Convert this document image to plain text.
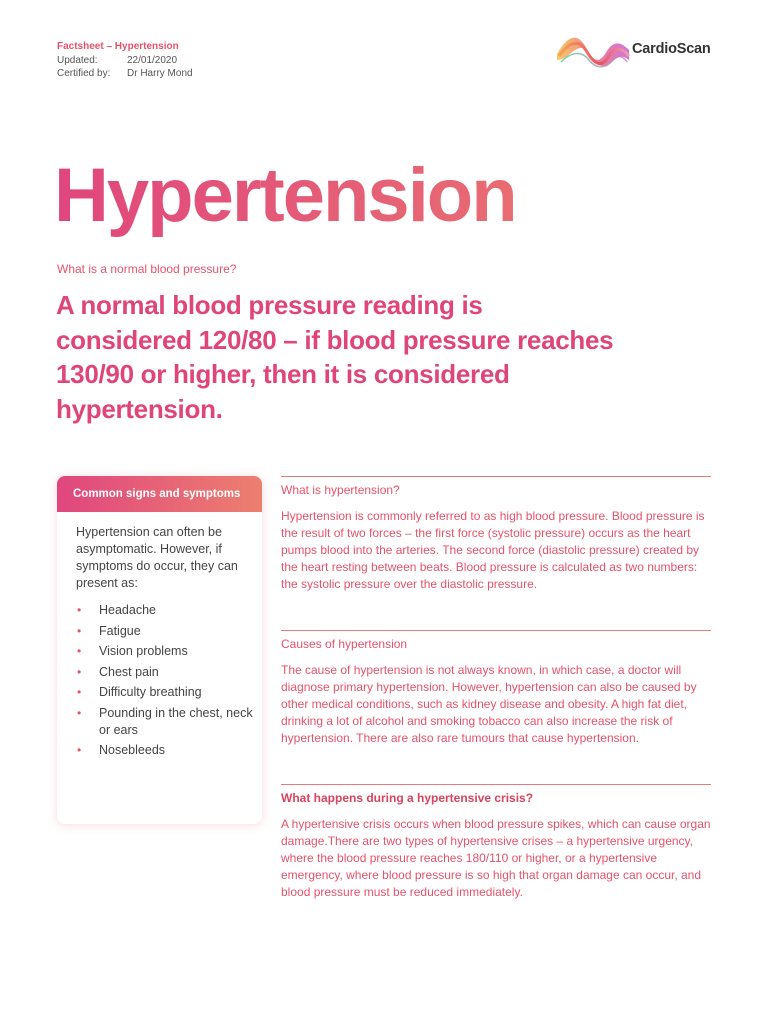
Factsheet – Hypertension
Updated:	22/01/2020
Certified by: Dr Harry Mond
CardioScan
Hypertension
What is a normal blood pressure?

A normal blood pressure reading is considered 120/80 – if blood pressure reaches 130/90 or higher, then it is considered hypertension.

Common signs and symptoms
Hypertension can often be asymptomatic. However, if symptoms do occur, they can present as:
• Headache
• Fatigue
• Vision problems
• Chest pain
• Difficulty breathing
• Pounding in the chest, neck or ears
• Nosebleeds
What is hypertension?

Hypertension is commonly referred to as high blood pressure. Blood pressure is the result of two forces – the first force (systolic pressure) occurs as the heart pumps blood into the arteries. The second force (diastolic pressure) created by the heart resting between beats. Blood pressure is calculated as two numbers: the systolic pressure over the diastolic pressure.

Causes of hypertension

The cause of hypertension is not always known, in which case, a doctor will diagnose primary hypertension. However, hypertension can also be caused by other medical conditions, such as kidney disease and obesity. A high fat diet, drinking a lot of alcohol and smoking tobacco can also increase the risk of hypertension. There are also rare tumours that cause hypertension.

What happens during a hypertensive crisis?

A hypertensive crisis occurs when blood pressure spikes, which can cause organ damage.There are two types of hypertensive crises – a hypertensive urgency, where the blood pressure reaches 180/110 or higher, or a hypertensive emergency, where blood pressure is so high that organ damage can occur, and blood pressure must be reduced immediately.
